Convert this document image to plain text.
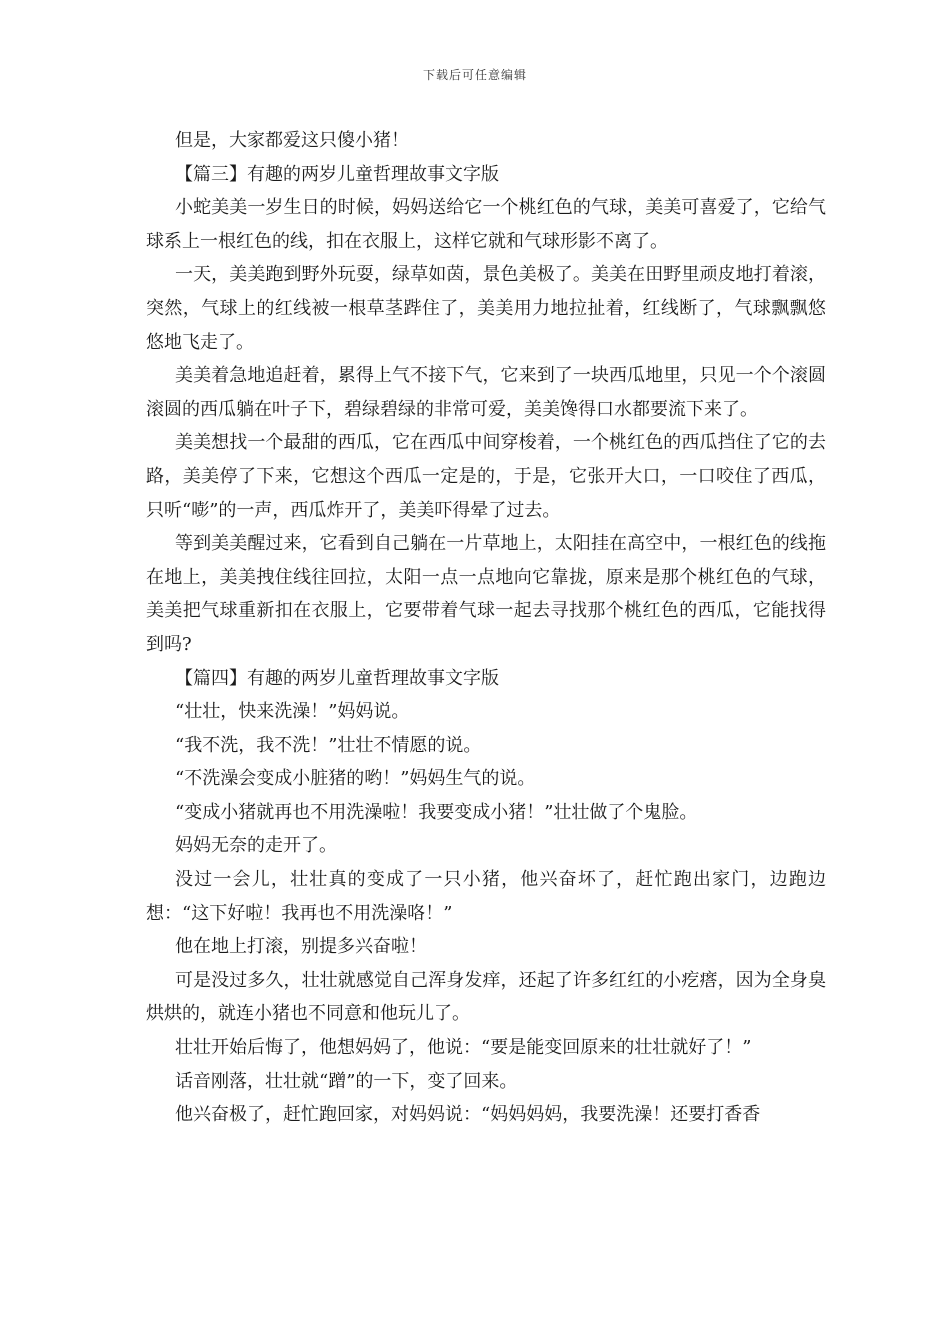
下载后可任意编辑

但是，大家都爱这只傻小猪！

【篇三】有趣的两岁儿童哲理故事文字版

小蛇美美一岁生日的时候，妈妈送给它一个桃红色的气球，美美可喜爱了，它给气球系上一根红色的线，扣在衣服上，这样它就和气球形影不离了。

一天，美美跑到野外玩耍，绿草如茵，景色美极了。美美在田野里顽皮地打着滚，突然，气球上的红线被一根草茎跸住了，美美用力地拉扯着，红线断了，气球飘飘悠悠地飞走了。

美美着急地追赶着，累得上气不接下气，它来到了一块西瓜地里，只见一个个滚圆滚圆的西瓜躺在叶子下，碧绿碧绿的非常可爱，美美馋得口水都要流下来了。

美美想找一个最甜的西瓜，它在西瓜中间穿梭着，一个桃红色的西瓜挡住了它的去路，美美停了下来，它想这个西瓜一定是的，于是，它张开大口，一口咬住了西瓜，只听“嘭”的一声，西瓜炸开了，美美吓得晕了过去。

等到美美醒过来，它看到自己躺在一片草地上，太阳挂在高空中，一根红色的线拖在地上，美美拽住线往回拉，太阳一点一点地向它靠拢，原来是那个桃红色的气球，美美把气球重新扣在衣服上，它要带着气球一起去寻找那个桃红色的西瓜，它能找得到吗?

【篇四】有趣的两岁儿童哲理故事文字版

“壮壮，快来洗澡！”妈妈说。

“我不洗，我不洗！”壮壮不情愿的说。

“不洗澡会变成小脏猪的哟！”妈妈生气的说。

“变成小猪就再也不用洗澡啦！我要变成小猪！”壮壮做了个鬼脸。

妈妈无奈的走开了。

没过一会儿，壮壮真的变成了一只小猪，他兴奋坏了，赶忙跑出家门，边跑边想：“这下好啦！我再也不用洗澡咯！”

他在地上打滚，别提多兴奋啦！

可是没过多久，壮壮就感觉自己浑身发痒，还起了许多红红的小疙瘩，因为全身臭烘烘的，就连小猪也不同意和他玩儿了。

壮壮开始后悔了，他想妈妈了，他说：“要是能变回原来的壮壮就好了！”

话音刚落，壮壮就“蹭”的一下，变了回来。

他兴奋极了，赶忙跑回家，对妈妈说：“妈妈妈妈，我要洗澡！还要打香香
